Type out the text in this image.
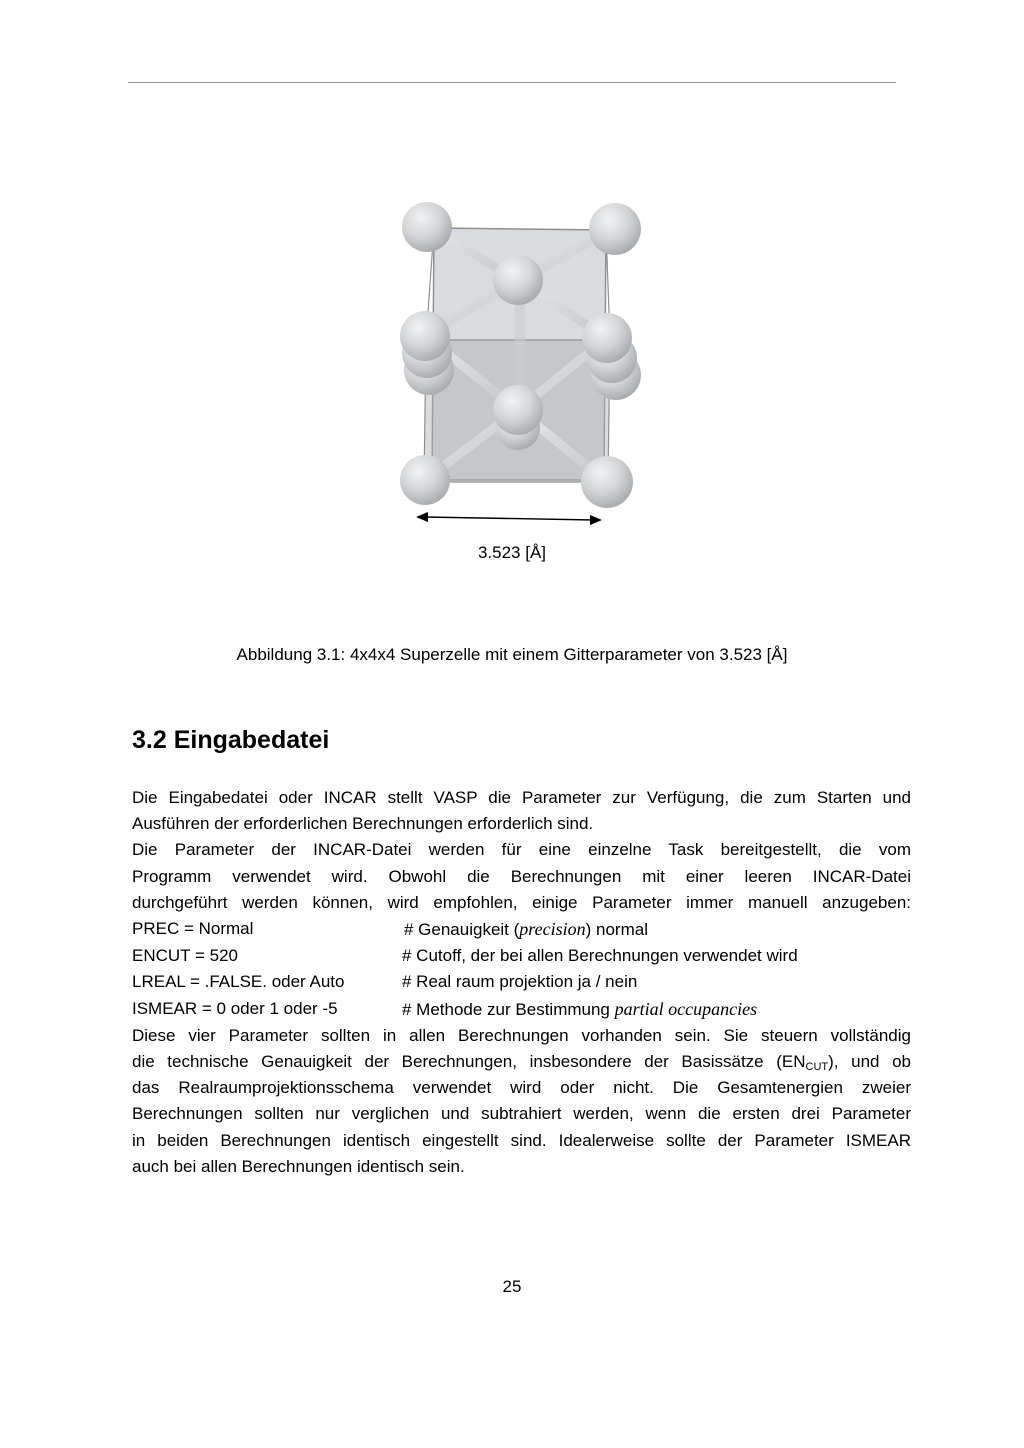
3.523 [Å]
Abbildung 3.1: 4x4x4 Superzelle mit einem Gitterparameter von 3.523 [Å]
3.2 Eingabedatei
Die Eingabedatei oder INCAR stellt VASP die Parameter zur Verfügung, die zum Starten und
Ausführen der erforderlichen Berechnungen erforderlich sind.
Die Parameter der INCAR-Datei werden für eine einzelne Task bereitgestellt, die vom
Programm verwendet wird. Obwohl die Berechnungen mit einer leeren INCAR-Datei
durchgeführt werden können, wird empfohlen, einige Parameter immer manuell anzugeben:
PREC = Normal	# Genauigkeit (precision) normal
ENCUT = 520	# Cutoff, der bei allen Berechnungen verwendet wird
LREAL = .FALSE. oder Auto	# Real raum projektion ja / nein
ISMEAR = 0 oder 1 oder -5	# Methode zur Bestimmung partial occupancies
Diese vier Parameter sollten in allen Berechnungen vorhanden sein. Sie steuern vollständig
die technische Genauigkeit der Berechnungen, insbesondere der Basissätze $(EN_{CUT})$, und ob
das Realraumprojektionsschema verwendet wird oder nicht. Die Gesamtenergien zweier
Berechnungen sollten nur verglichen und subtrahiert werden, wenn die ersten drei Parameter
in beiden Berechnungen identisch eingestellt sind. Idealerweise sollte der Parameter ISMEAR
auch bei allen Berechnungen identisch sein.
25
